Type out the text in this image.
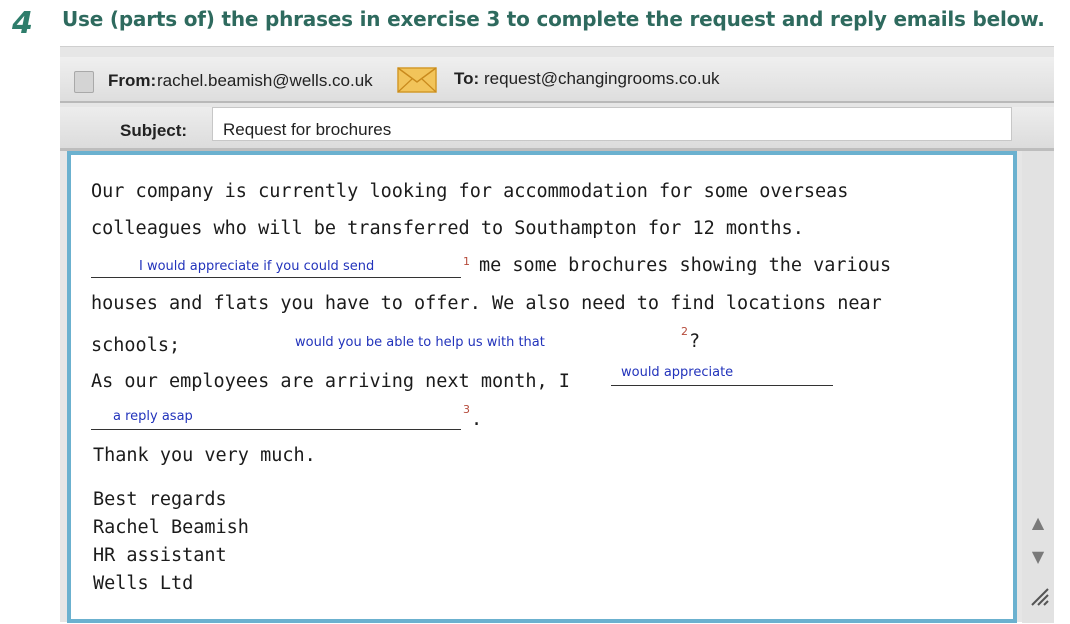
4 Use (parts of) the phrases in exercise 3 to complete the request and reply emails below.
From: rachel.beamish@wells.co.uk	To: request@changingrooms.co.uk
Subject:	Request for brochures
Our company is currently looking for accommodation for some overseas
colleagues who will be transferred to Southampton for 12 months.
I would appreciate if you could send	1 me some brochures showing the various
houses and flats you have to offer. We also need to find locations near
schools;	would you be able to help us with that
2 ?
As our employees are arriving next month, I	would appreciate
a reply asap	3 .
Thank you very much.
Best regards
Rachel Beamish
HR assistant
Wells Ltd
▲
▼
